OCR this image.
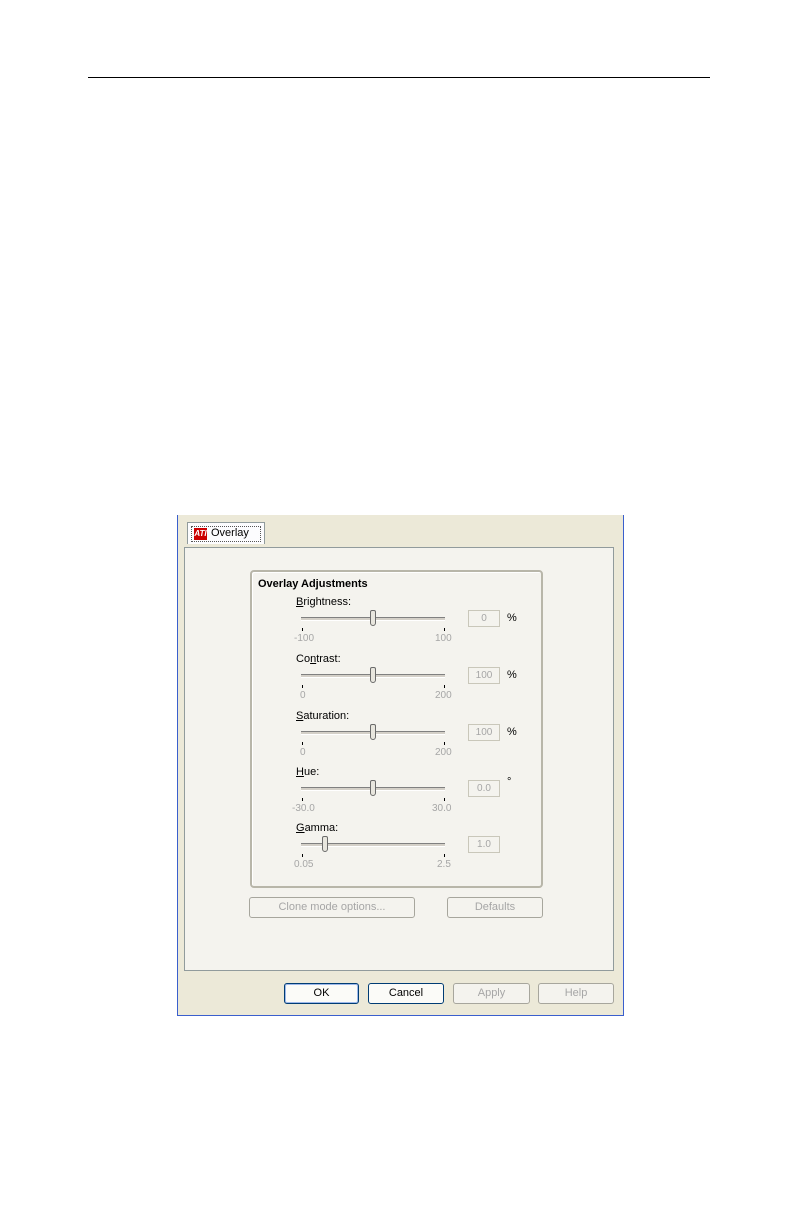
ATI Overlay
Overlay Adjustments
Brightness:
-100	100
0	%
Contrast:
0	200
100	%
Saturation:
0	200
100	%
Hue:
-30.0	30.0
0.0
°
Gamma:
0.05	2.5
1.0
Clone mode options...	Defaults
OK	Cancel	Apply	Help
